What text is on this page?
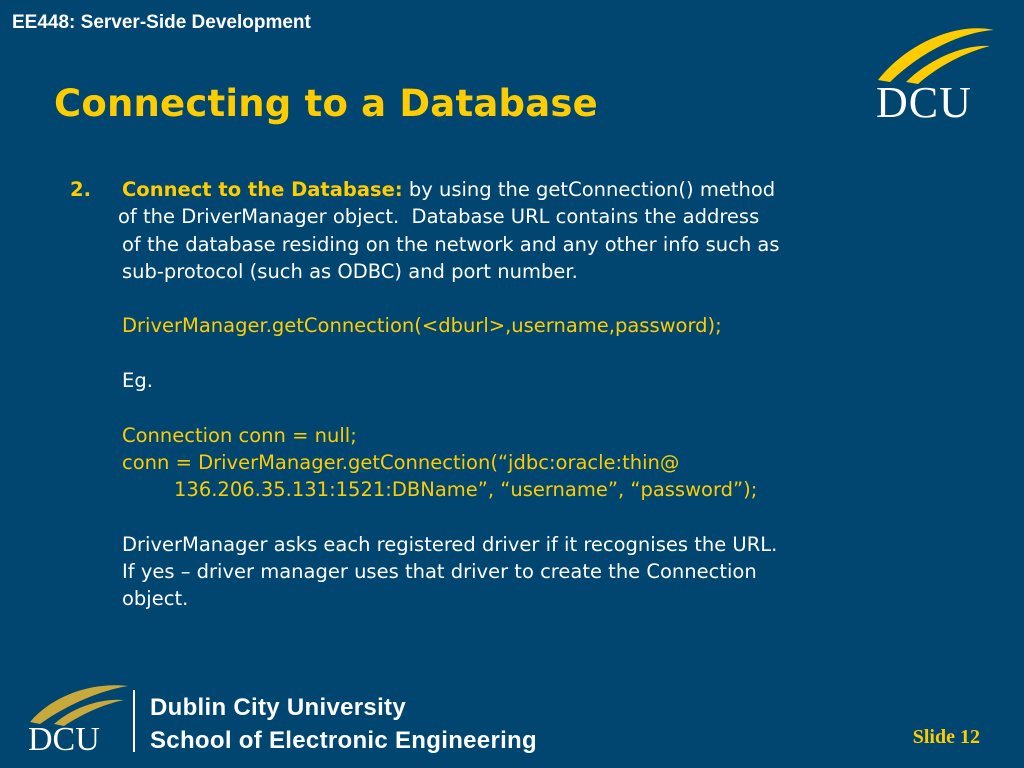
EE448: Server-Side Development
Connecting to a Database	DCU
2. Connect to the Database: by using the getConnection() method
of the DriverManager object.  Database URL contains the address
of the database residing on the network and any other info such as
sub-protocol (such as ODBC) and port number.
DriverManager.getConnection(<dburl>,username,password);
Eg.
Connection conn = null;
conn = DriverManager.getConnection(“jdbc:oracle:thin@
136.206.35.131:1521:DBName”, “username”, “password”);
DriverManager asks each registered driver if it recognises the URL.
If yes – driver manager uses that driver to create the Connection
object.
DCU
Dublin City University
School of Electronic Engineering	Slide 12
